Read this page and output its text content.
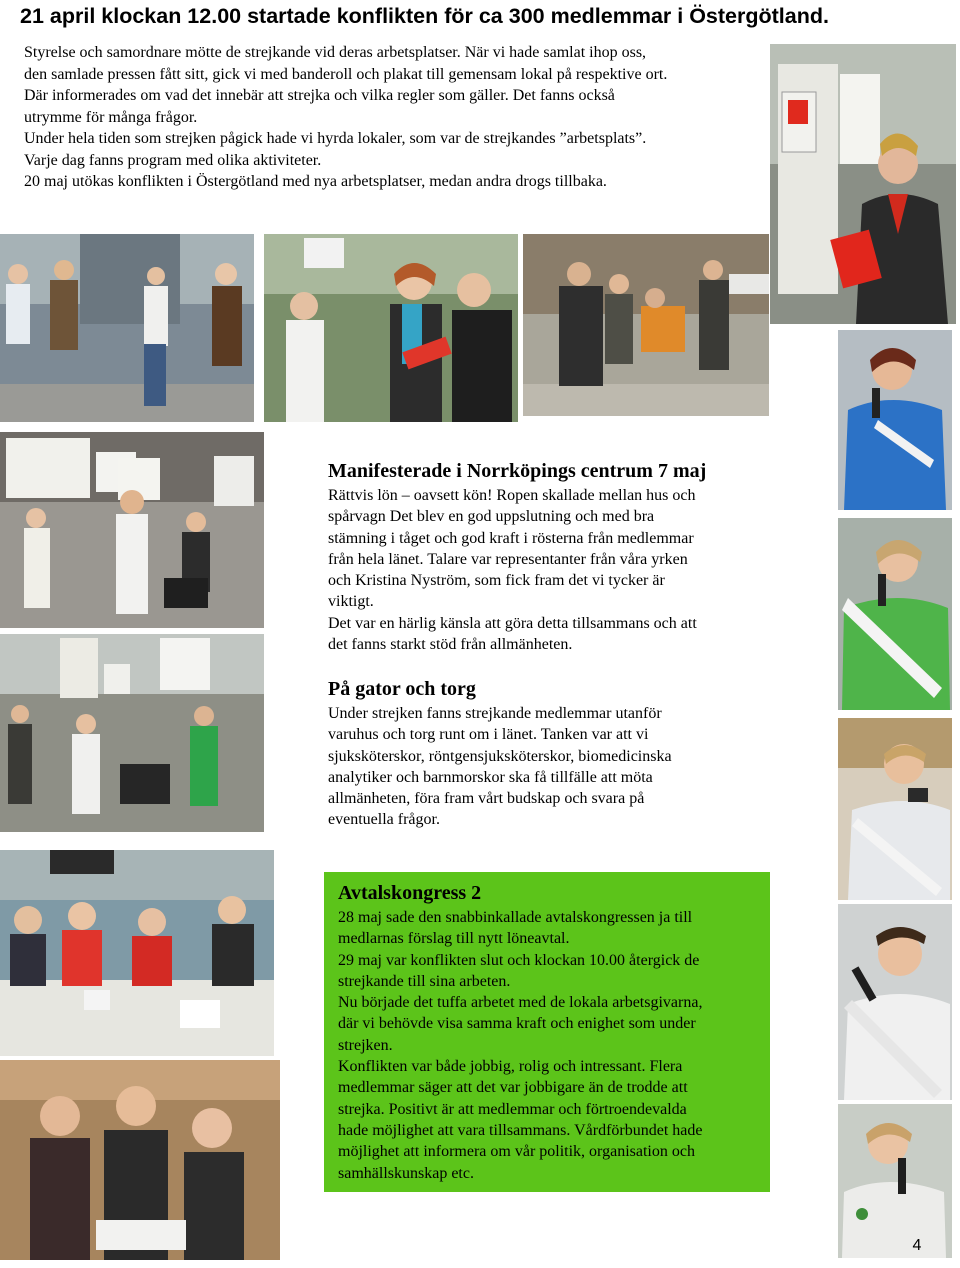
21 april klockan 12.00 startade konflikten för ca 300 medlemmar i Östergötland.

Styrelse och samordnare mötte de strejkande vid deras arbetsplatser. När vi hade samlat ihop oss,

den samlade pressen fått sitt, gick vi med banderoll och plakat till gemensam lokal på respektive ort.

Där informerades om vad det innebär att strejka och vilka regler som gäller. Det fanns också

utrymme för många frågor.

Under hela tiden som strejken pågick hade vi hyrda lokaler, som var de strejkandes ”arbetsplats”.

Varje dag fanns program med olika aktiviteter.

20 maj utökas konflikten i Östergötland med nya arbetsplatser, medan andra drogs tillbaka.

Manifesterade i Norrköpings centrum 7 maj

Rättvis lön – oavsett kön! Ropen skallade mellan hus och

spårvagn Det blev en god uppslutning och med bra

stämning i tåget och god kraft i rösterna från medlemmar

från hela länet. Talare var representanter från våra yrken

och Kristina Nyström, som fick fram det vi tycker är

viktigt.

Det var en härlig känsla att göra detta tillsammans och att

det fanns starkt stöd från allmänheten.

På gator och torg

Under strejken fanns strejkande medlemmar utanför

varuhus och torg runt om i länet. Tanken var att vi

sjuksköterskor, röntgensjuksköterskor, biomedicinska

analytiker och barnmorskor ska få tillfälle att möta

allmänheten, föra fram vårt budskap och svara på

eventuella frågor.

Avtalskongress 2

28 maj sade den snabbinkallade avtalskongressen ja till

medlarnas förslag till nytt löneavtal.

29 maj var konflikten slut och klockan 10.00 återgick de

strejkande till sina arbeten.

Nu började det tuffa arbetet med de lokala arbetsgivarna,

där vi behövde visa samma kraft och enighet som under

strejken.

Konflikten var både jobbig, rolig och intressant. Flera

medlemmar säger att det var jobbigare än de trodde att

strejka. Positivt är att medlemmar och förtroendevalda

hade möjlighet att vara tillsammans. Vårdförbundet hade

möjlighet att informera om vår politik, organisation och

samhällskunskap etc.

4
